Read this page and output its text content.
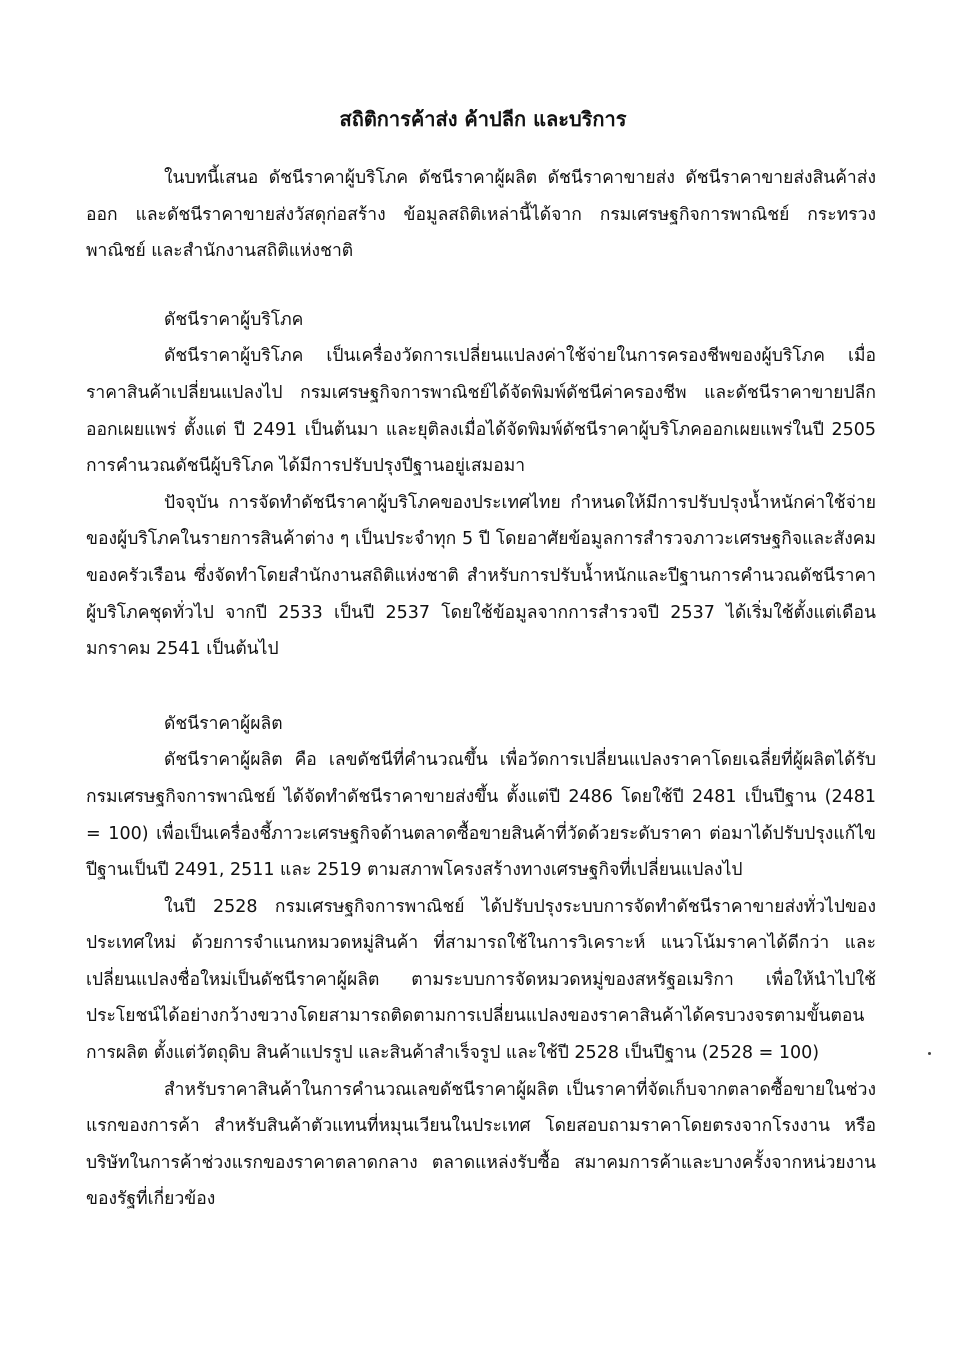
สถิติการค้าส่ง ค้าปลีก และบริการ

ในบทนี้เสนอ ดัชนีราคาผู้บริโภค ดัชนีราคาผู้ผลิต ดัชนีราคาขายส่ง ดัชนีราคาขายส่งสินค้าส่งออก และดัชนีราคาขายส่งวัสดุก่อสร้าง ข้อมูลสถิติเหล่านี้ได้จาก กรมเศรษฐกิจการพาณิชย์ กระทรวงพาณิชย์ และสำนักงานสถิติแห่งชาติ

ดัชนีราคาผู้บริโภค

ดัชนีราคาผู้บริโภค เป็นเครื่องวัดการเปลี่ยนแปลงค่าใช้จ่ายในการครองชีพของผู้บริโภค เมื่อราคาสินค้าเปลี่ยนแปลงไป กรมเศรษฐกิจการพาณิชย์ได้จัดพิมพ์ดัชนีค่าครองชีพ และดัชนีราคาขายปลีก ออกเผยแพร่ ตั้งแต่ ปี 2491 เป็นต้นมา และยุติลงเมื่อได้จัดพิมพ์ดัชนีราคาผู้บริโภคออกเผยแพร่ในปี 2505 การคำนวณดัชนีผู้บริโภค ได้มีการปรับปรุงปีฐานอยู่เสมอมา

ปัจจุบัน การจัดทำดัชนีราคาผู้บริโภคของประเทศไทย กำหนดให้มีการปรับปรุงน้ำหนักค่าใช้จ่ายของผู้บริโภคในรายการสินค้าต่าง ๆ เป็นประจำทุก 5 ปี โดยอาศัยข้อมูลการสำรวจภาวะเศรษฐกิจและสังคมของครัวเรือน ซึ่งจัดทำโดยสำนักงานสถิติแห่งชาติ สำหรับการปรับน้ำหนักและปีฐานการคำนวณดัชนีราคาผู้บริโภคชุดทั่วไป จากปี 2533 เป็นปี 2537 โดยใช้ข้อมูลจากการสำรวจปี 2537 ได้เริ่มใช้ตั้งแต่เดือนมกราคม 2541 เป็นต้นไป

ดัชนีราคาผู้ผลิต

ดัชนีราคาผู้ผลิต คือ เลขดัชนีที่คำนวณขึ้น เพื่อวัดการเปลี่ยนแปลงราคาโดยเฉลี่ยที่ผู้ผลิตได้รับ กรมเศรษฐกิจการพาณิชย์ ได้จัดทำดัชนีราคาขายส่งขึ้น ตั้งแต่ปี 2486 โดยใช้ปี 2481 เป็นปีฐาน (2481 = 100) เพื่อเป็นเครื่องชี้ภาวะเศรษฐกิจด้านตลาดซื้อขายสินค้าที่วัดด้วยระดับราคา ต่อมาได้ปรับปรุงแก้ไขปีฐานเป็นปี 2491, 2511 และ 2519 ตามสภาพโครงสร้างทางเศรษฐกิจที่เปลี่ยนแปลงไป

ในปี 2528 กรมเศรษฐกิจการพาณิชย์ ได้ปรับปรุงระบบการจัดทำดัชนีราคาขายส่งทั่วไปของประเทศใหม่ ด้วยการจำแนกหมวดหมู่สินค้า ที่สามารถใช้ในการวิเคราะห์ แนวโน้มราคาได้ดีกว่า และเปลี่ยนแปลงชื่อใหม่เป็นดัชนีราคาผู้ผลิต ตามระบบการจัดหมวดหมู่ของสหรัฐอเมริกา เพื่อให้นำไปใช้ประโยชน์ได้อย่างกว้างขวางโดยสามารถติดตามการเปลี่ยนแปลงของราคาสินค้าได้ครบวงจรตามขั้นตอนการผลิต ตั้งแต่วัตถุดิบ สินค้าแปรรูป และสินค้าสำเร็จรูป และใช้ปี 2528 เป็นปีฐาน (2528 = 100)

สำหรับราคาสินค้าในการคำนวณเลขดัชนีราคาผู้ผลิต เป็นราคาที่จัดเก็บจากตลาดซื้อขายในช่วงแรกของการค้า สำหรับสินค้าตัวแทนที่หมุนเวียนในประเทศ โดยสอบถามราคาโดยตรงจากโรงงาน หรือบริษัทในการค้าช่วงแรกของราคาตลาดกลาง ตลาดแหล่งรับซื้อ สมาคมการค้าและบางครั้งจากหน่วยงานของรัฐที่เกี่ยวข้อง
